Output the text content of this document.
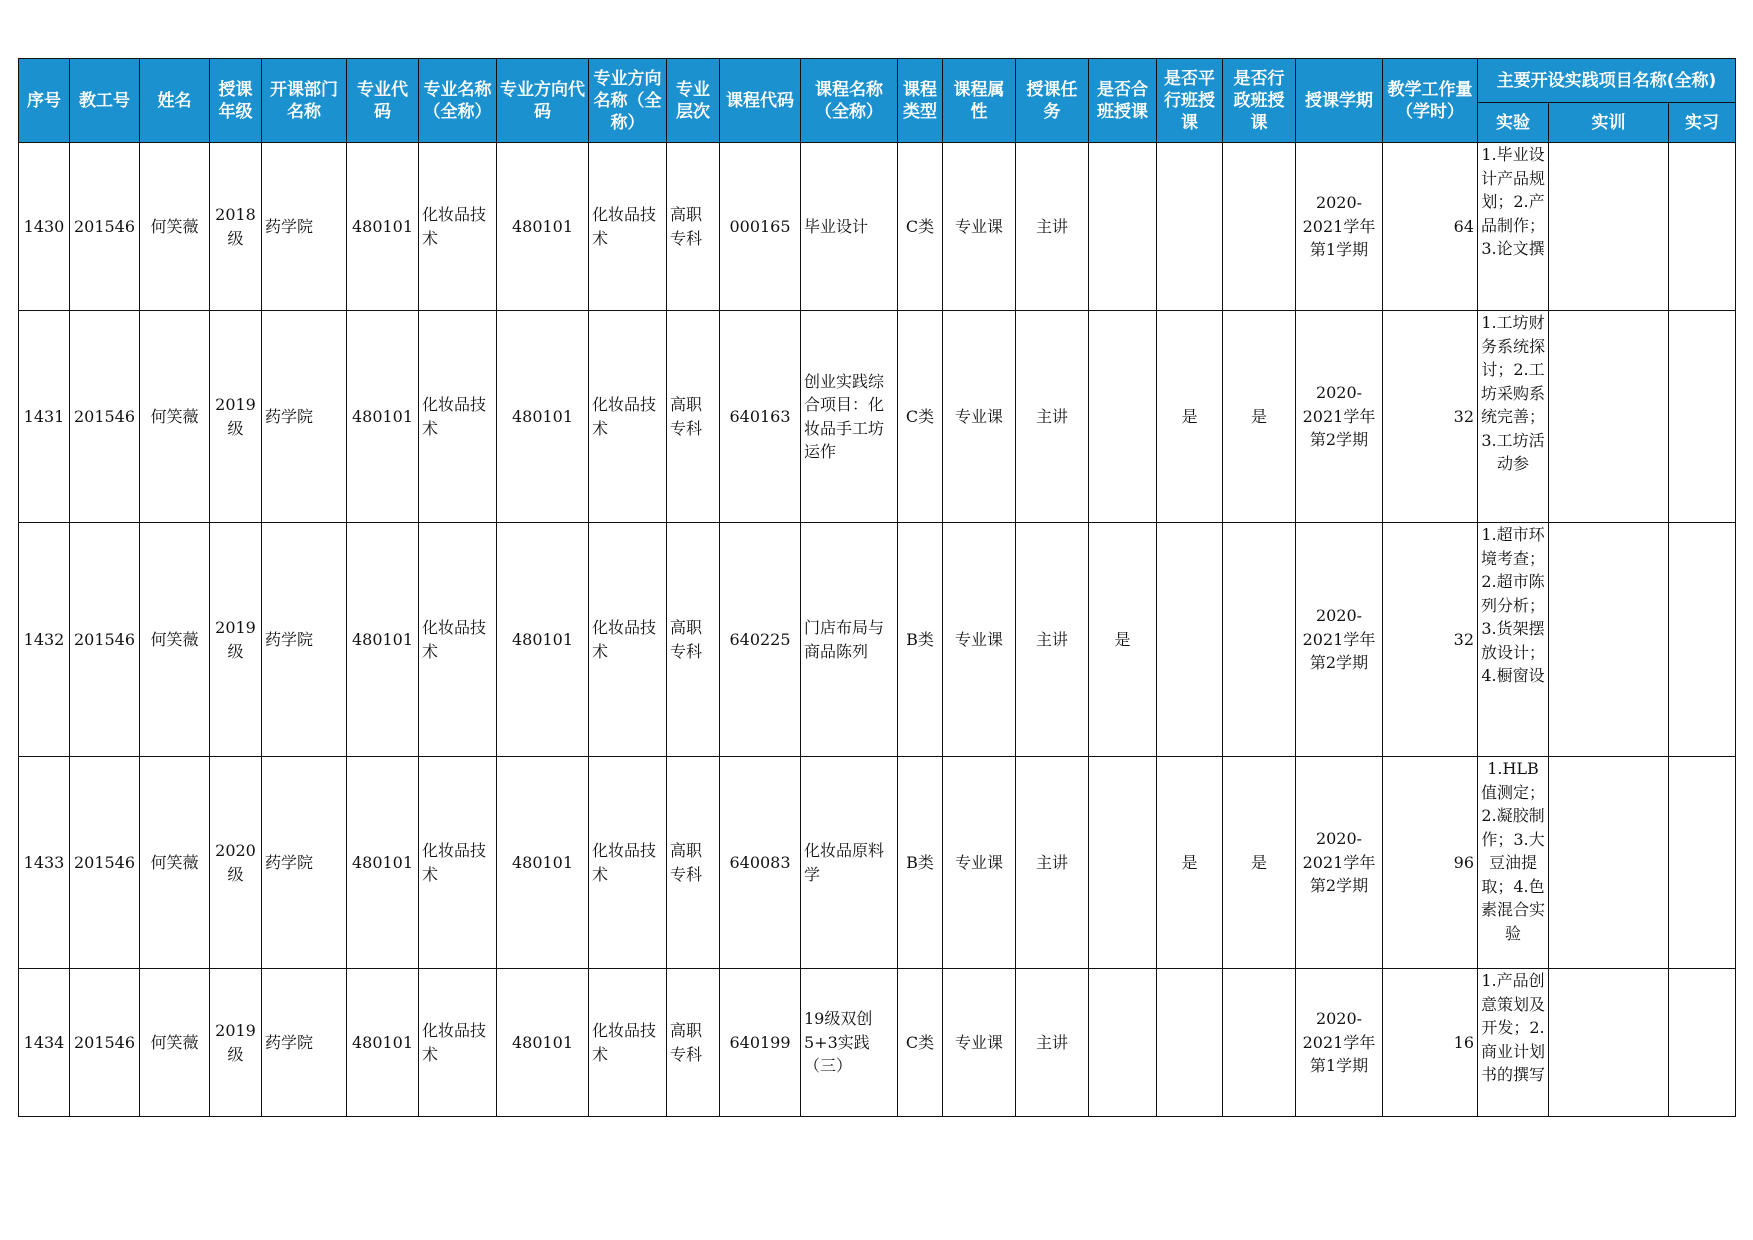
序号	教工号	姓名	授课年级	开课部门名称	专业代码	专业名称（全称）	专业方向代码	专业方向名称（全称）	专业层次	课程代码	课程名称（全称）	课程类型	课程属性	授课任务	是否合班授课	是否平行班授课	是否行政班授课	授课学期	教学工作量（学时）	主要开设实践项目名称(全称)		
																				实验	实训	实习
1430	201546	何笑薇	2018级	药学院	480101	化妆品技术	480101	化妆品技术	高职专科	000165	毕业设计	C类	专业课	主讲				2020-2021学年第1学期	64	1.毕业设计产品规划；2.产品制作；3.论文撰		

1431	201546	何笑薇	2019级	药学院	480101	化妆品技术	480101	化妆品技术	高职专科	640163	创业实践综合项目：化妆品手工坊运作	C类	专业课	主讲		是	是	2020-2021学年第2学期	32	1.工坊财务系统探讨；2.工坊采购系统完善；3.工坊活动参		

1432	201546	何笑薇	2019级	药学院	480101	化妆品技术	480101	化妆品技术	高职专科	640225	门店布局与商品陈列	B类	专业课	主讲	是			2020-2021学年第2学期	32	1.超市环境考查；2.超市陈列分析；3.货架摆放设计；4.橱窗设		

1433	201546	何笑薇	2020级	药学院	480101	化妆品技术	480101	化妆品技术	高职专科	640083	化妆品原料学	B类	专业课	主讲		是	是	2020-2021学年第2学期	96	1.HLB值测定；2.凝胶制作；3.大豆油提取；4.色素混合实验		

1434	201546	何笑薇	2019级	药学院	480101	化妆品技术	480101	化妆品技术	高职专科	640199	19级双创5+3实践（三）	C类	专业课	主讲				2020-2021学年第1学期	16	1.产品创意策划及开发；2.商业计划书的撰写		
